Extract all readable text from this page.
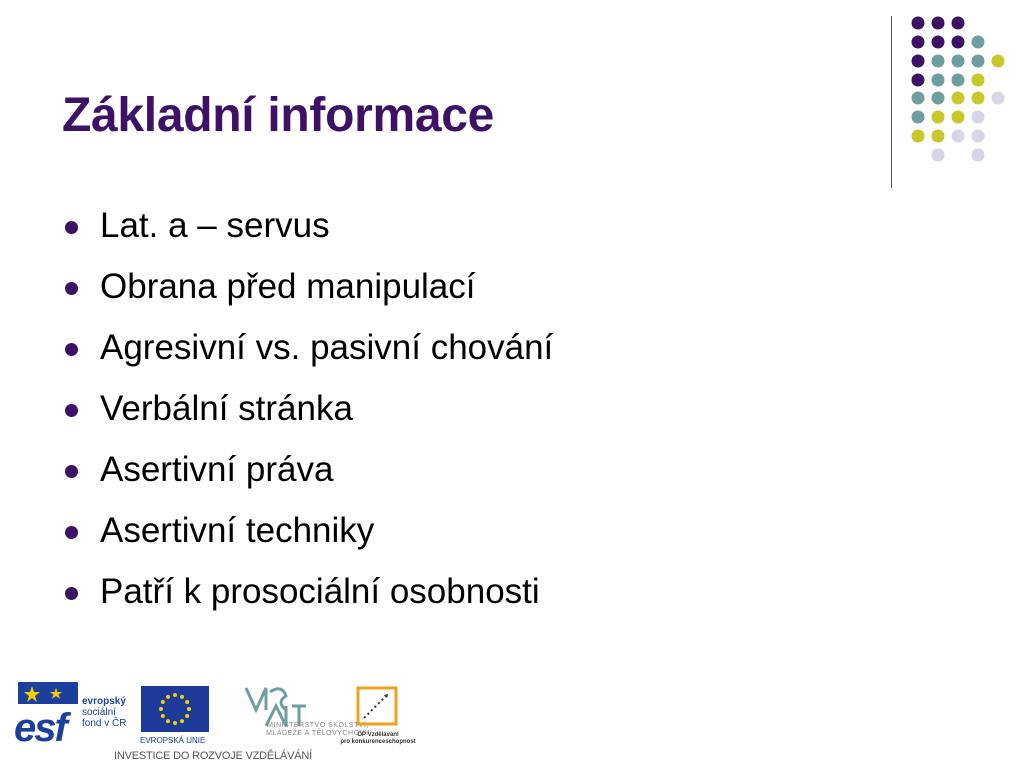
Základní informace
Lat. a – servus
Obrana před manipulací
Agresivní vs. pasivní chování
Verbální stránka
Asertivní práva
Asertivní techniky
Patří k prosociální osobnosti
esf
evropský
sociální
fond v ČR
EVROPSKÁ UNIE
MINISTERSTVO ŠKOLSTVÍ,
MLÁDEŽE A TĚLOVÝCHOVY
OP Vzdělávání
pro konkurenceschopnost
INVESTICE DO ROZVOJE VZDĚLÁVÁNÍ
